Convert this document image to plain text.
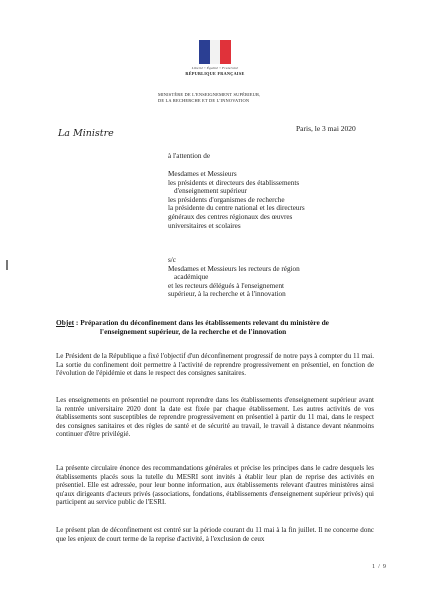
Liberté • Égalité • Fraternité
RÉPUBLIQUE FRANÇAISE
MINISTÈRE DE L'ENSEIGNEMENT SUPÉRIEUR,
DE LA RECHERCHE ET DE L'INNOVATION
La Ministre	Paris, le 3 mai 2020
à l'attention de
Mesdames et Messieurs
les présidents et directeurs des établissements
d'enseignement supérieur
les présidents d'organismes de recherche
la présidente du centre national et les directeurs
généraux des centres régionaux des œuvres
universitaires et scolaires
s/c
Mesdames et Messieurs les recteurs de région
académique
et les recteurs délégués à l'enseignement
supérieur, à la recherche et à l'innovation
Objet : Préparation du déconfinement dans les établissements relevant du ministère de
l'enseignement supérieur, de la recherche et de l'innovation
Le Président de la République a fixé l'objectif d'un déconfinement progressif de notre pays à compter du 11 mai. La sortie du confinement doit permettre à l'activité de reprendre progressivement en présentiel, en fonction de l'évolution de l'épidémie et dans le respect des consignes sanitaires.
Les enseignements en présentiel ne pourront reprendre dans les établissements d'enseignement supérieur avant la rentrée universitaire 2020 dont la date est fixée par chaque établissement. Les autres activités de vos établissements sont susceptibles de reprendre progressivement en présentiel à partir du 11 mai, dans le respect des consignes sanitaires et des règles de santé et de sécurité au travail, le travail à distance devant néanmoins continuer d'être privilégié.
La présente circulaire énonce des recommandations générales et précise les principes dans le cadre desquels les établissements placés sous la tutelle du MESRI sont invités à établir leur plan de reprise des activités en présentiel. Elle est adressée, pour leur bonne information, aux établissements relevant d'autres ministères ainsi qu'aux dirigeants d'acteurs privés (associations, fondations, établissements d'enseignement supérieur privés) qui participent au service public de l'ESRI.
Le présent plan de déconfinement est centré sur la période courant du 11 mai à la fin juillet. Il ne concerne donc que les enjeux de court terme de la reprise d'activité, à l'exclusion de ceux
1 / 9
